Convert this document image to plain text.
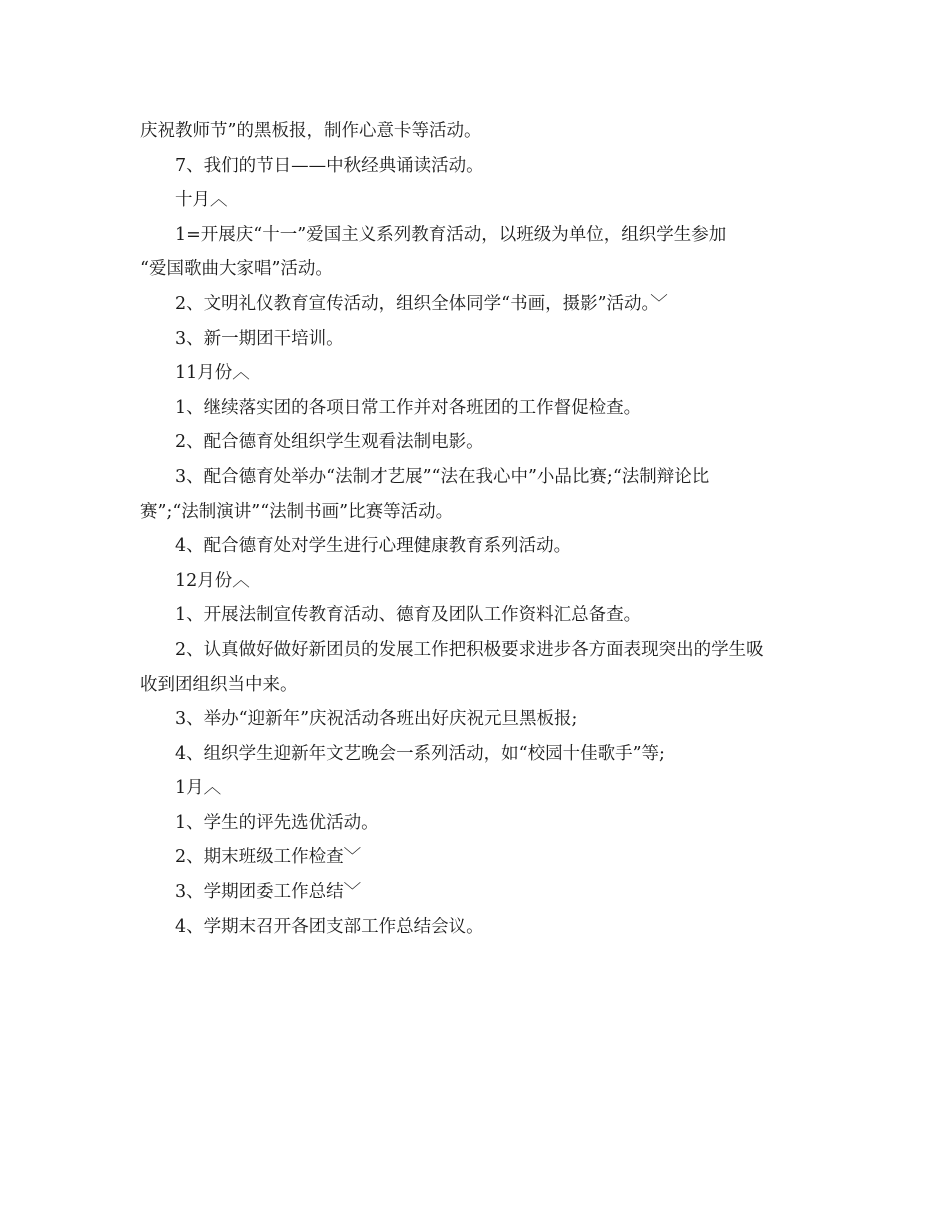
庆祝教师节”的黑板报，制作心意卡等活动。
7、我们的节日——中秋经典诵读活动。
十月︿
1=开展庆“十一”爱国主义系列教育活动，以班级为单位，组织学生参加
“爱国歌曲大家唱”活动。
2、文明礼仪教育宣传活动，组织全体同学“书画，摄影”活动。﹀
3、新一期团干培训。
11月份︿
1、继续落实团的各项日常工作并对各班团的工作督促检查。
2、配合德育处组织学生观看法制电影。
3、配合德育处举办“法制才艺展”“法在我心中”小品比赛;“法制辩论比
赛”;“法制演讲”“法制书画”比赛等活动。
4、配合德育处对学生进行心理健康教育系列活动。
12月份︿
1、开展法制宣传教育活动、德育及团队工作资料汇总备查。
2、认真做好做好新团员的发展工作把积极要求进步各方面表现突出的学生吸
收到团组织当中来。
3、举办“迎新年”庆祝活动各班出好庆祝元旦黑板报;
4、组织学生迎新年文艺晚会一系列活动，如“校园十佳歌手”等;
1月︿
1、学生的评先选优活动。
2、期末班级工作检查﹀
3、学期团委工作总结﹀
4、学期末召开各团支部工作总结会议。
